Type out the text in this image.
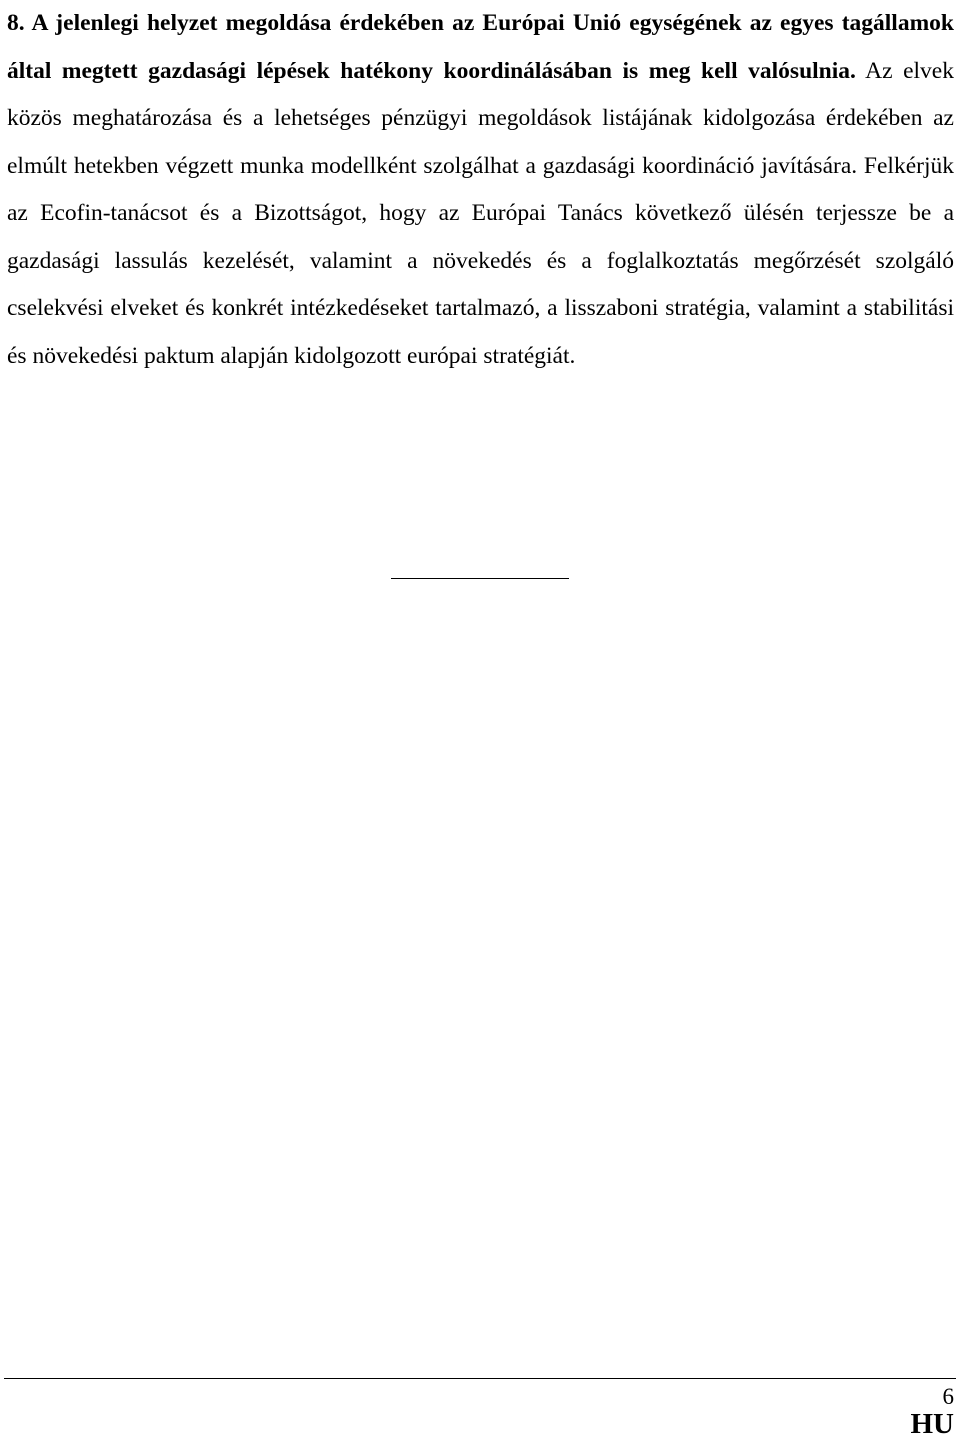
8. A jelenlegi helyzet megoldása érdekében az Európai Unió egységének az egyes tagállamok által megtett gazdasági lépések hatékony koordinálásában is meg kell valósulnia. Az elvek közös meghatározása és a lehetséges pénzügyi megoldások listájának kidolgozása érdekében az elmúlt hetekben végzett munka modellként szolgálhat a gazdasági koordináció javítására. Felkérjük az Ecofin-tanácsot és a Bizottságot, hogy az Európai Tanács következő ülésén terjessze be a gazdasági lassulás kezelését, valamint a növekedés és a foglalkoztatás megőrzését szolgáló cselekvési elveket és konkrét intézkedéseket tartalmazó, a lisszaboni stratégia, valamint a stabilitási és növekedési paktum alapján kidolgozott európai stratégiát.

6
HU
